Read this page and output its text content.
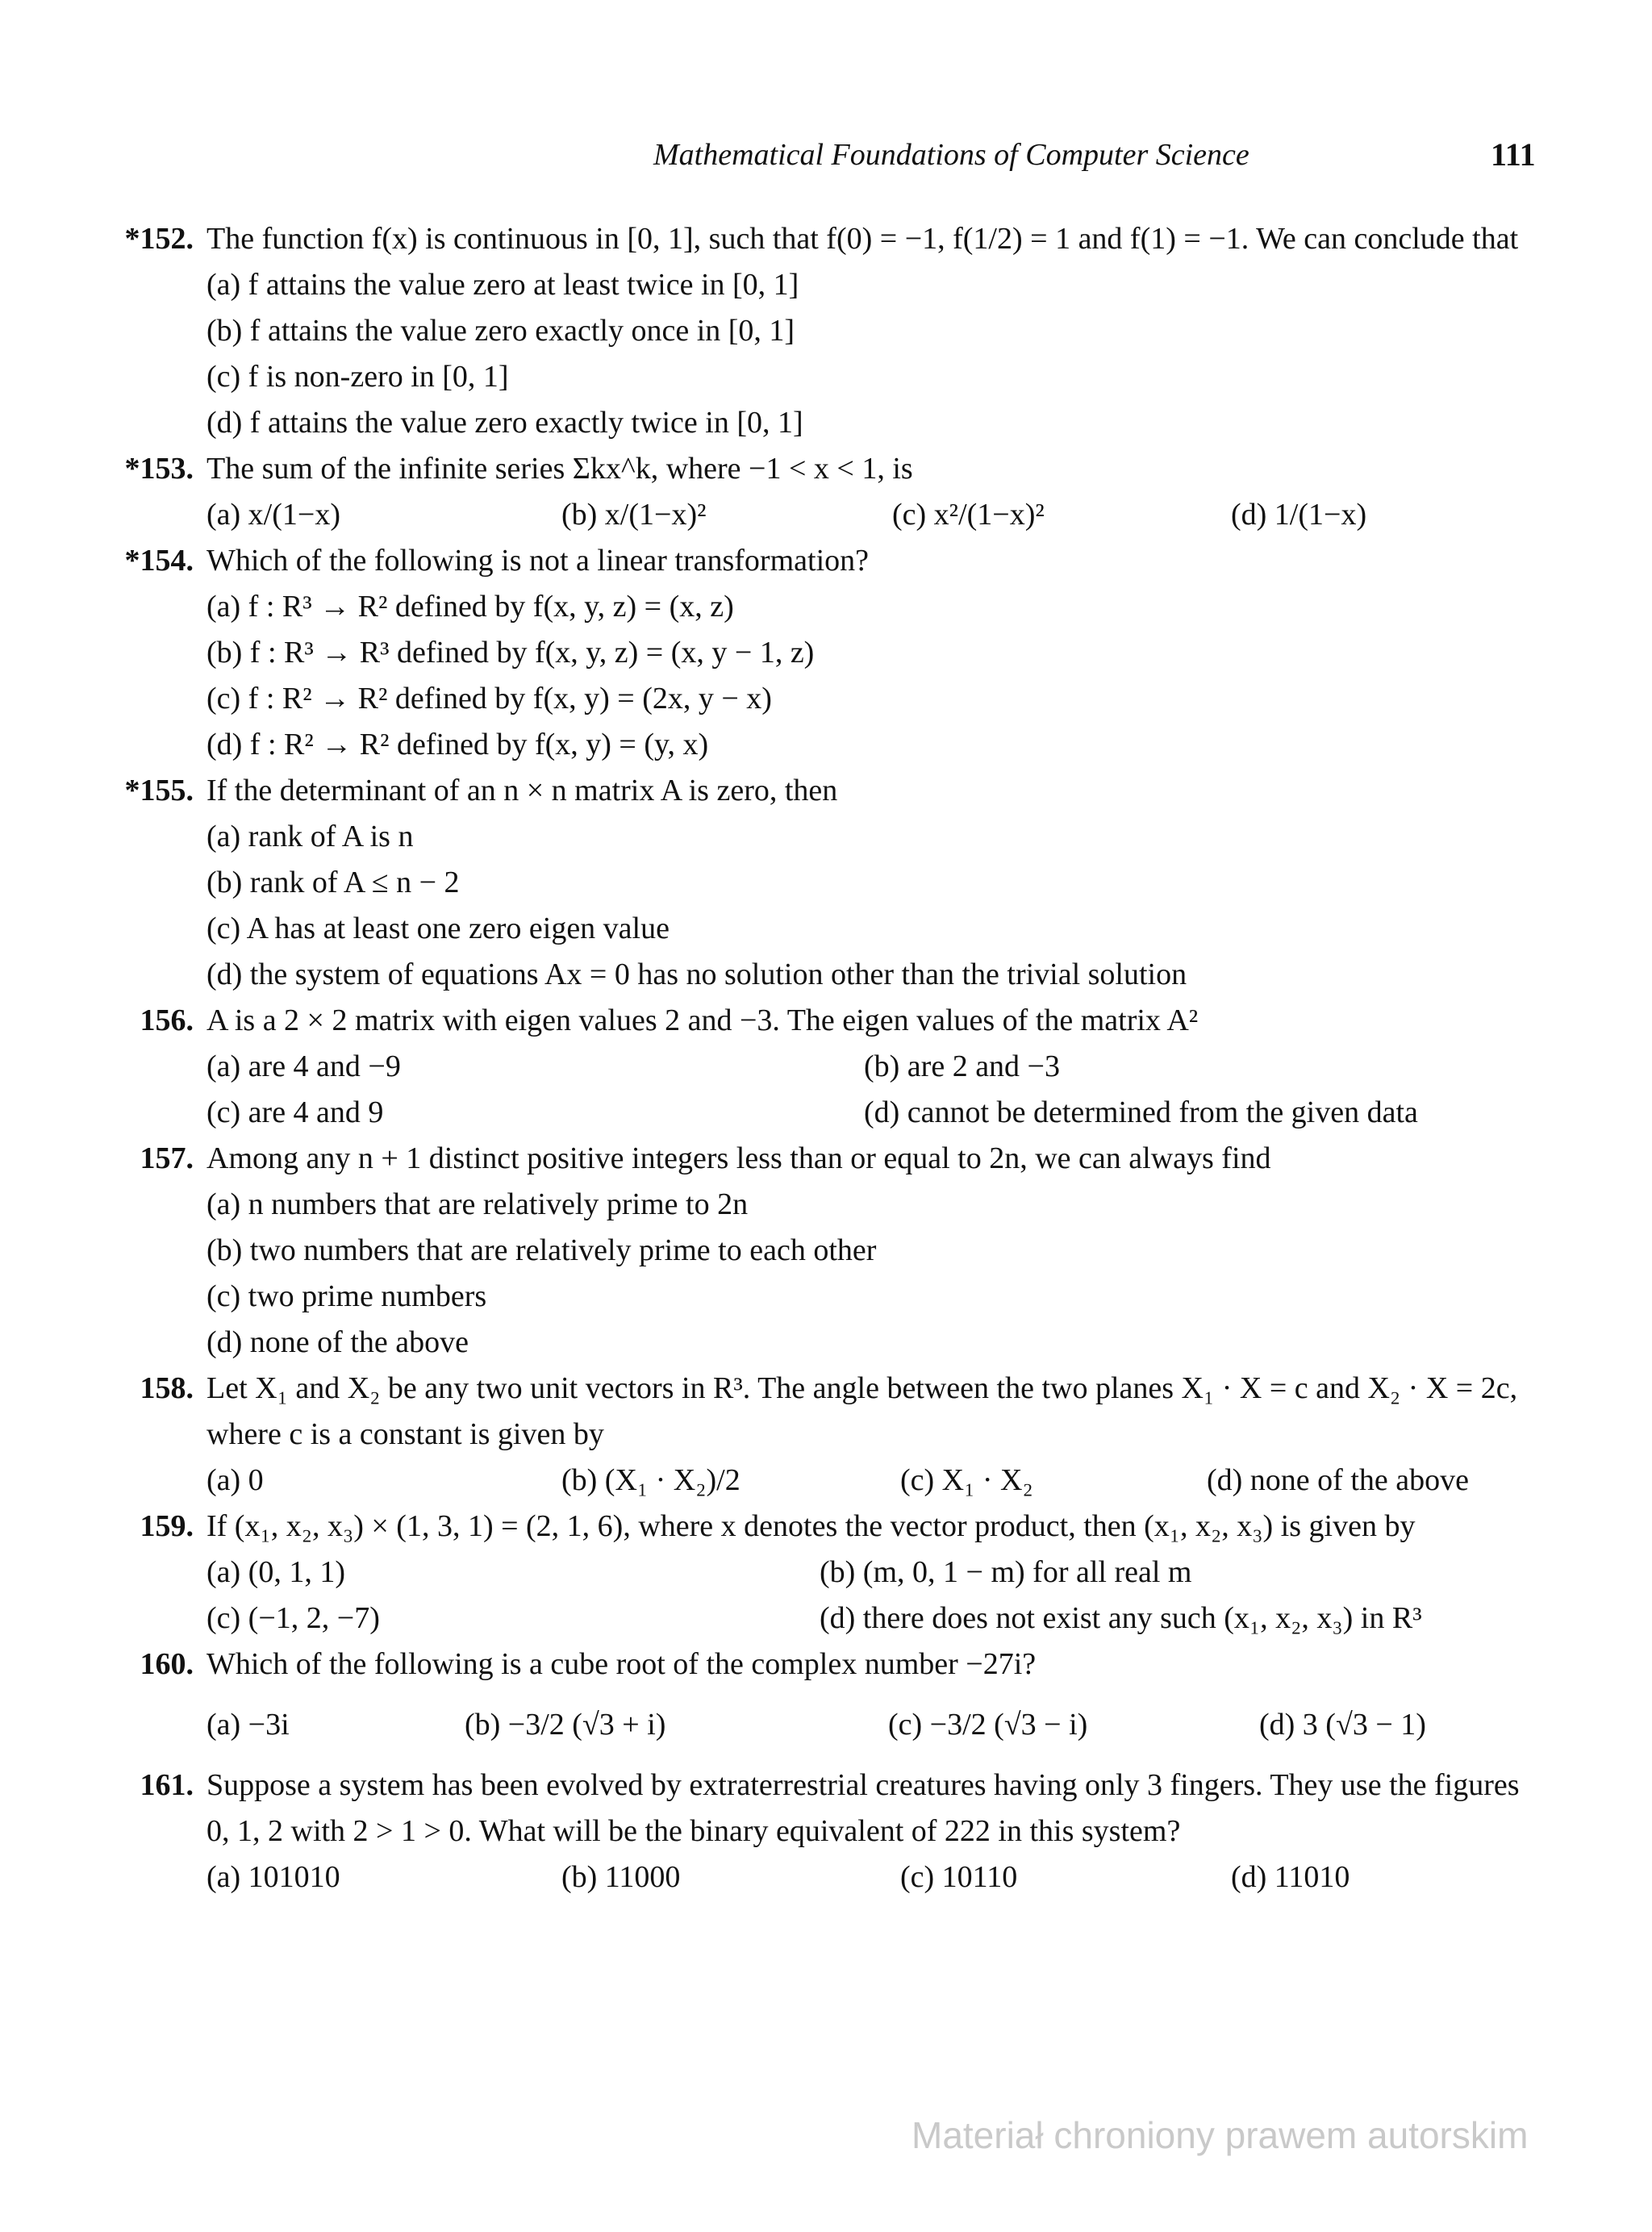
Mathematical Foundations of Computer Science	111
*152. The function f(x) is continuous in [0, 1], such that f(0) = −1, f(1/2) = 1 and f(1) = −1. We can conclude that
(a) f attains the value zero at least twice in [0, 1]
(b) f attains the value zero exactly once in [0, 1]
(c) f is non-zero in [0, 1]
(d) f attains the value zero exactly twice in [0, 1]
*153. The sum of the infinite series Σkx^k, where −1 < x < 1, is
(a) x/(1−x)	(b) x/(1−x)²	(c) x²/(1−x)²	(d) 1/(1−x)
*154. Which of the following is not a linear transformation?
(a) f : R³ → R² defined by f(x, y, z) = (x, z)
(b) f : R³ → R³ defined by f(x, y, z) = (x, y − 1, z)
(c) f : R² → R² defined by f(x, y) = (2x, y − x)
(d) f : R² → R² defined by f(x, y) = (y, x)
*155. If the determinant of an n × n matrix A is zero, then
(a) rank of A is n
(b) rank of A ≤ n − 2
(c) A has at least one zero eigen value
(d) the system of equations Ax = 0 has no solution other than the trivial solution
156. A is a 2 × 2 matrix with eigen values 2 and −3. The eigen values of the matrix A²
(a) are 4 and −9	(b) are 2 and −3
(c) are 4 and 9	(d) cannot be determined from the given data
157. Among any n + 1 distinct positive integers less than or equal to 2n, we can always find
(a) n numbers that are relatively prime to 2n
(b) two numbers that are relatively prime to each other
(c) two prime numbers
(d) none of the above
158. Let X₁ and X₂ be any two unit vectors in R³. The angle between the two planes X₁ · X = c and X₂ · X = 2c, where c is a constant is given by
(a) 0	(b) (X₁ · X₂)/2	(c) X₁ · X₂	(d) none of the above
159. If (x₁, x₂, x₃) × (1, 3, 1) = (2, 1, 6), where x denotes the vector product, then (x₁, x₂, x₃) is given by
(a) (0, 1, 1)	(b) (m, 0, 1 − m) for all real m
(c) (−1, 2, −7)	(d) there does not exist any such (x₁, x₂, x₃) in R³
160. Which of the following is a cube root of the complex number −27i?
(a) −3i	(b) −3/2 (√3 + i)	(c) −3/2 (√3 − i)	(d) 3 (√3 − 1)
161. Suppose a system has been evolved by extraterrestrial creatures having only 3 fingers. They use the figures 0, 1, 2 with 2 > 1 > 0. What will be the binary equivalent of 222 in this system?
(a) 101010	(b) 11000	(c) 10110	(d) 11010
Materiał chroniony prawem autorskim
